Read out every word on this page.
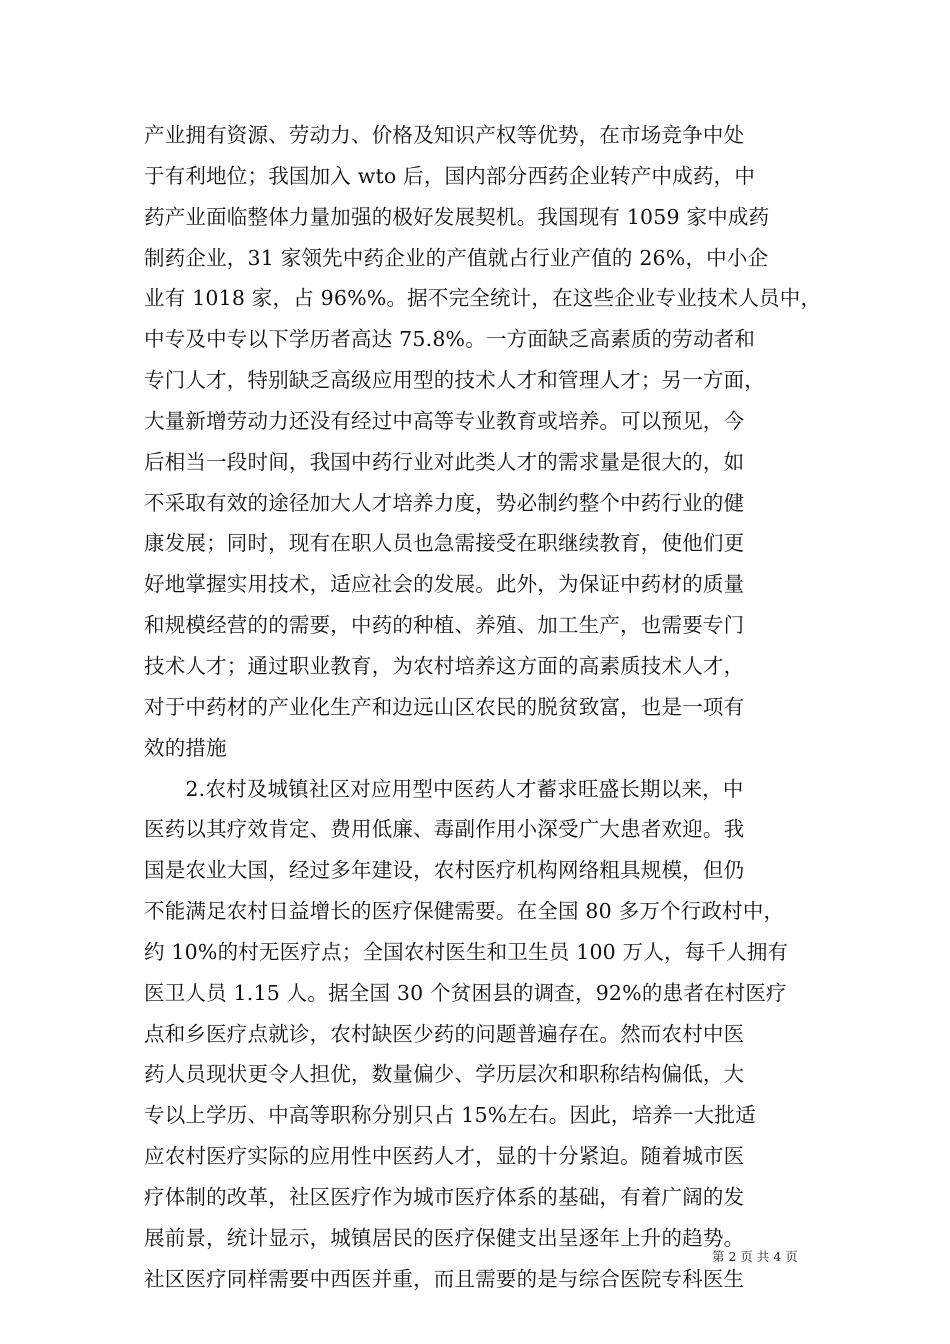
产业拥有资源、劳动力、价格及知识产权等优势，在市场竞争中处
于有利地位；我国加入 wto 后，国内部分西药企业转产中成药，中
药产业面临整体力量加强的极好发展契机。我国现有 1059 家中成药
制药企业，31 家领先中药企业的产值就占行业产值的 26%，中小企
业有 1018 家，占 96%%。据不完全统计，在这些企业专业技术人员中，
中专及中专以下学历者高达 75.8%。一方面缺乏高素质的劳动者和
专门人才，特别缺乏高级应用型的技术人才和管理人才；另一方面，
大量新增劳动力还没有经过中高等专业教育或培养。可以预见，今
后相当一段时间，我国中药行业对此类人才的需求量是很大的，如
不采取有效的途径加大人才培养力度，势必制约整个中药行业的健
康发展；同时，现有在职人员也急需接受在职继续教育，使他们更
好地掌握实用技术，适应社会的发展。此外，为保证中药材的质量
和规模经营的的需要，中药的种植、养殖、加工生产，也需要专门
技术人才；通过职业教育，为农村培养这方面的高素质技术人才，
对于中药材的产业化生产和边远山区农民的脱贫致富，也是一项有
效的措施
　　2.农村及城镇社区对应用型中医药人才蓄求旺盛长期以来，中
医药以其疗效肯定、费用低廉、毒副作用小深受广大患者欢迎。我
国是农业大国，经过多年建设，农村医疗机构网络粗具规模，但仍
不能满足农村日益增长的医疗保健需要。在全国 80 多万个行政村中，
约 10%的村无医疗点；全国农村医生和卫生员 100 万人，每千人拥有
医卫人员 1.15 人。据全国 30 个贫困县的调查，92%的患者在村医疗
点和乡医疗点就诊，农村缺医少药的问题普遍存在。然而农村中医
药人员现状更令人担优，数量偏少、学历层次和职称结构偏低，大
专以上学历、中高等职称分别只占 15%左右。因此，培养一大批适
应农村医疗实际的应用性中医药人才，显的十分紧迫。随着城市医
疗体制的改革，社区医疗作为城市医疗体系的基础，有着广阔的发
展前景，统计显示，城镇居民的医疗保健支出呈逐年上升的趋势。
社区医疗同样需要中西医并重，而且需要的是与综合医院专科医生
第 2 页 共 4 页
